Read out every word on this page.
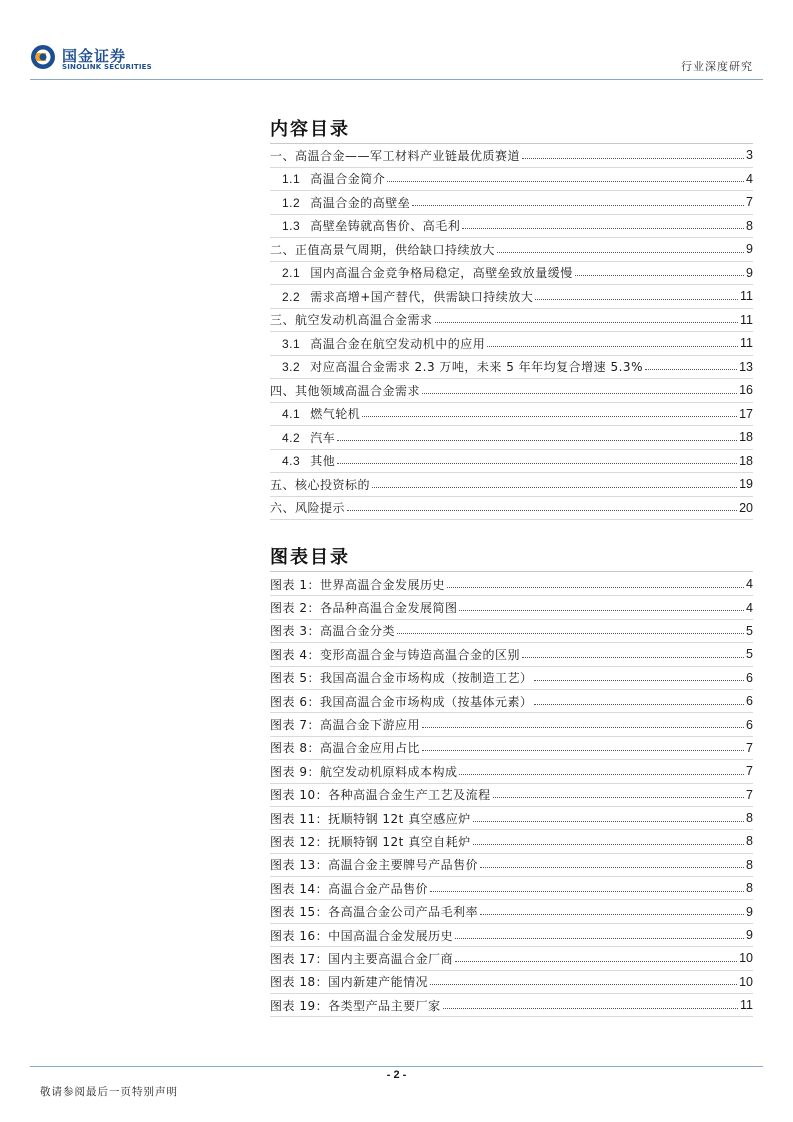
国金证券
SINOLINK SECURITIES	行业深度研究
内容目录
一、高温合金——军工材料产业链最优质赛道	3
1.1 高温合金简介	4
1.2 高温合金的高壁垒	7
1.3 高壁垒铸就高售价、高毛利	8
二、正值高景气周期，供给缺口持续放大	9
2.1 国内高温合金竞争格局稳定，高壁垒致放量缓慢	9
2.2 需求高增+国产替代，供需缺口持续放大	11
三、航空发动机高温合金需求	11
3.1 高温合金在航空发动机中的应用	11
3.2 对应高温合金需求 2.3 万吨，未来 5 年年均复合增速 5.3%	13
四、其他领域高温合金需求	16
4.1 燃气轮机	17
4.2 汽车	18
4.3 其他	18
五、核心投资标的	19
六、风险提示	20
图表目录
图表 1：世界高温合金发展历史	4
图表 2：各品种高温合金发展简图	4
图表 3：高温合金分类	5
图表 4：变形高温合金与铸造高温合金的区别	5
图表 5：我国高温合金市场构成（按制造工艺）	6
图表 6：我国高温合金市场构成（按基体元素）	6
图表 7：高温合金下游应用	6
图表 8：高温合金应用占比	7
图表 9：航空发动机原料成本构成	7
图表 10：各种高温合金生产工艺及流程	7
图表 11：抚顺特钢 12t 真空感应炉	8
图表 12：抚顺特钢 12t 真空自耗炉	8
图表 13：高温合金主要牌号产品售价	8
图表 14：高温合金产品售价	8
图表 15：各高温合金公司产品毛利率	9
图表 16：中国高温合金发展历史	9
图表 17：国内主要高温合金厂商	10
图表 18：国内新建产能情况	10
图表 19：各类型产品主要厂家	11
- 2 -
敬请参阅最后一页特别声明
